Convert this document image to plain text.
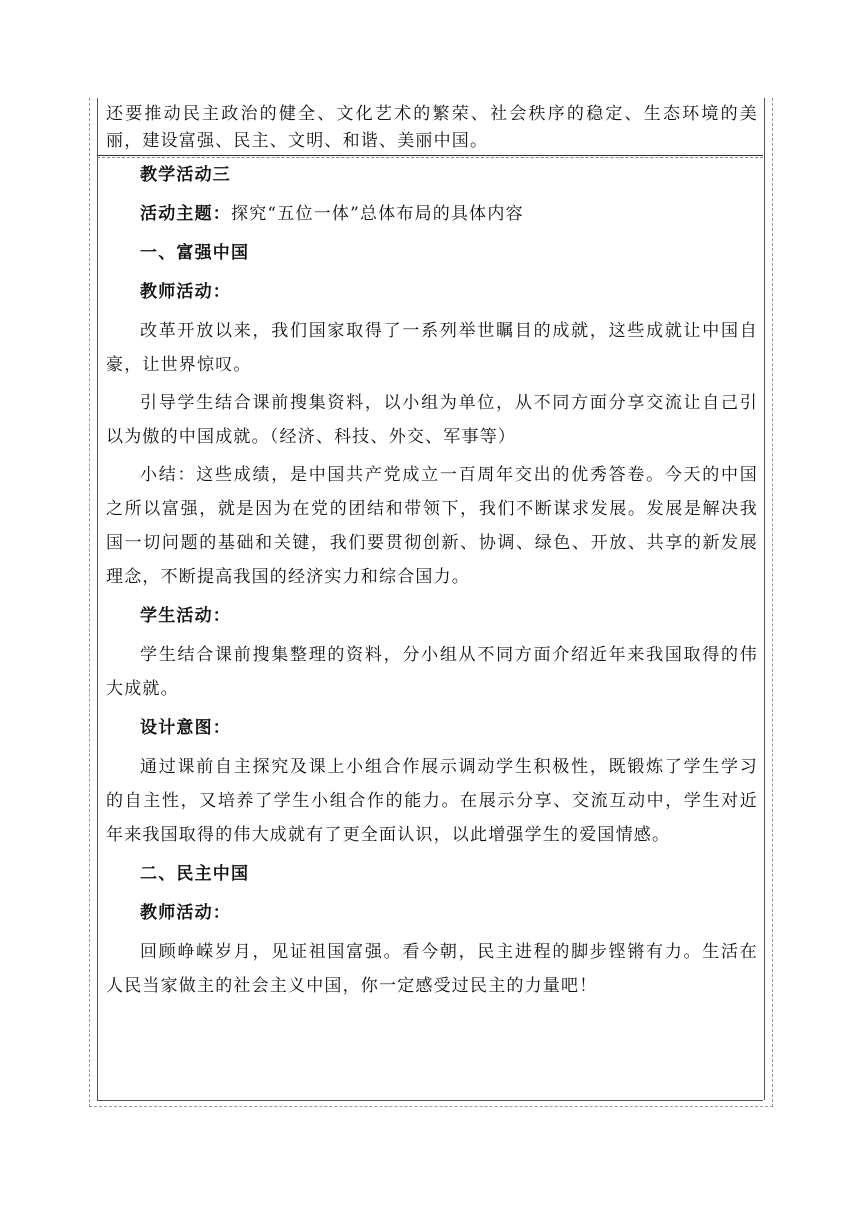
还要推动民主政治的健全、文化艺术的繁荣、社会秩序的稳定、生态环境的美丽，建设富强、民主、文明、和谐、美丽中国。

教学活动三

活动主题：探究“五位一体”总体布局的具体内容

一、富强中国

教师活动：

改革开放以来，我们国家取得了一系列举世瞩目的成就，这些成就让中国自豪，让世界惊叹。

引导学生结合课前搜集资料，以小组为单位，从不同方面分享交流让自己引以为傲的中国成就。（经济、科技、外交、军事等）

小结：这些成绩，是中国共产党成立一百周年交出的优秀答卷。今天的中国之所以富强，就是因为在党的团结和带领下，我们不断谋求发展。发展是解决我国一切问题的基础和关键，我们要贯彻创新、协调、绿色、开放、共享的新发展理念，不断提高我国的经济实力和综合国力。

学生活动：

学生结合课前搜集整理的资料，分小组从不同方面介绍近年来我国取得的伟大成就。

设计意图：

通过课前自主探究及课上小组合作展示调动学生积极性，既锻炼了学生学习的自主性，又培养了学生小组合作的能力。在展示分享、交流互动中，学生对近年来我国取得的伟大成就有了更全面认识，以此增强学生的爱国情感。

二、民主中国

教师活动：

回顾峥嵘岁月，见证祖国富强。看今朝，民主进程的脚步铿锵有力。生活在人民当家做主的社会主义中国，你一定感受过民主的力量吧！
